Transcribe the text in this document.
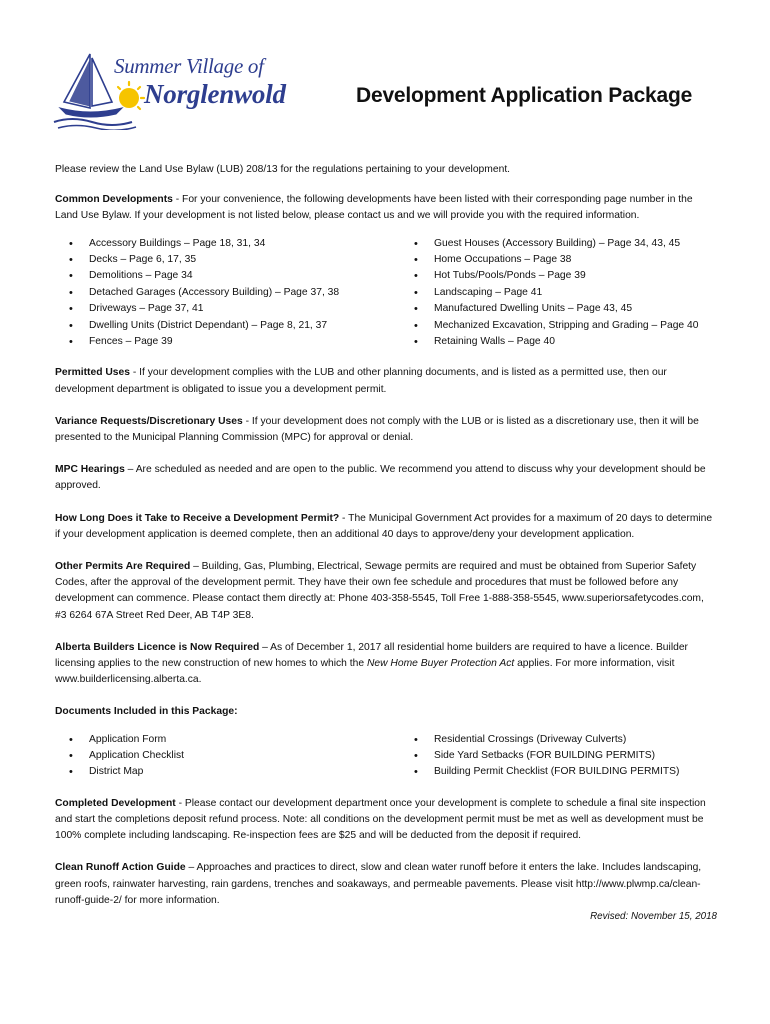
Summer Village of
Norglenwold	Development Application Package

Please review the Land Use Bylaw (LUB) 208/13 for the regulations pertaining to your development.

Common Developments - For your convenience, the following developments have been listed with their corresponding page number in the Land Use Bylaw. If your development is not listed below, please contact us and we will provide you with the required information.

• Accessory Buildings – Page 18, 31, 34
• Decks – Page 6, 17, 35
• Demolitions – Page 34
• Detached Garages (Accessory Building) – Page 37, 38
• Driveways – Page 37, 41
• Dwelling Units (District Dependant) – Page 8, 21, 37
• Fences – Page 39
• Guest Houses (Accessory Building) – Page 34, 43, 45
• Home Occupations – Page 38
• Hot Tubs/Pools/Ponds – Page 39
• Landscaping – Page 41
• Manufactured Dwelling Units – Page 43, 45
• Mechanized Excavation, Stripping and Grading – Page 40
• Retaining Walls – Page 40

Permitted Uses - If your development complies with the LUB and other planning documents, and is listed as a permitted use, then our development department is obligated to issue you a development permit.

Variance Requests/Discretionary Uses - If your development does not comply with the LUB or is listed as a discretionary use, then it will be presented to the Municipal Planning Commission (MPC) for approval or denial.

MPC Hearings – Are scheduled as needed and are open to the public. We recommend you attend to discuss why your development should be approved.

How Long Does it Take to Receive a Development Permit? - The Municipal Government Act provides for a maximum of 20 days to determine if your development application is deemed complete, then an additional 40 days to approve/deny your development application.

Other Permits Are Required – Building, Gas, Plumbing, Electrical, Sewage permits are required and must be obtained from Superior Safety Codes, after the approval of the development permit. They have their own fee schedule and procedures that must be followed before any development can commence. Please contact them directly at: Phone 403-358-5545, Toll Free 1-888-358-5545, www.superiorsafetycodes.com, #3 6264 67A Street Red Deer, AB T4P 3E8.

Alberta Builders Licence is Now Required – As of December 1, 2017 all residential home builders are required to have a licence. Builder licensing applies to the new construction of new homes to which the New Home Buyer Protection Act applies. For more information, visit www.builderlicensing.alberta.ca.

Documents Included in this Package:

• Application Form
• Application Checklist
• District Map
• Residential Crossings (Driveway Culverts)
• Side Yard Setbacks (FOR BUILDING PERMITS)
• Building Permit Checklist (FOR BUILDING PERMITS)

Completed Development - Please contact our development department once your development is complete to schedule a final site inspection and start the completions deposit refund process. Note: all conditions on the development permit must be met as well as development must be 100% complete including landscaping. Re-inspection fees are $25 and will be deducted from the deposit if required.

Clean Runoff Action Guide – Approaches and practices to direct, slow and clean water runoff before it enters the lake. Includes landscaping, green roofs, rainwater harvesting, rain gardens, trenches and soakaways, and permeable pavements. Please visit http://www.plwmp.ca/clean-runoff-guide-2/ for more information.

Revised: November 15, 2018
